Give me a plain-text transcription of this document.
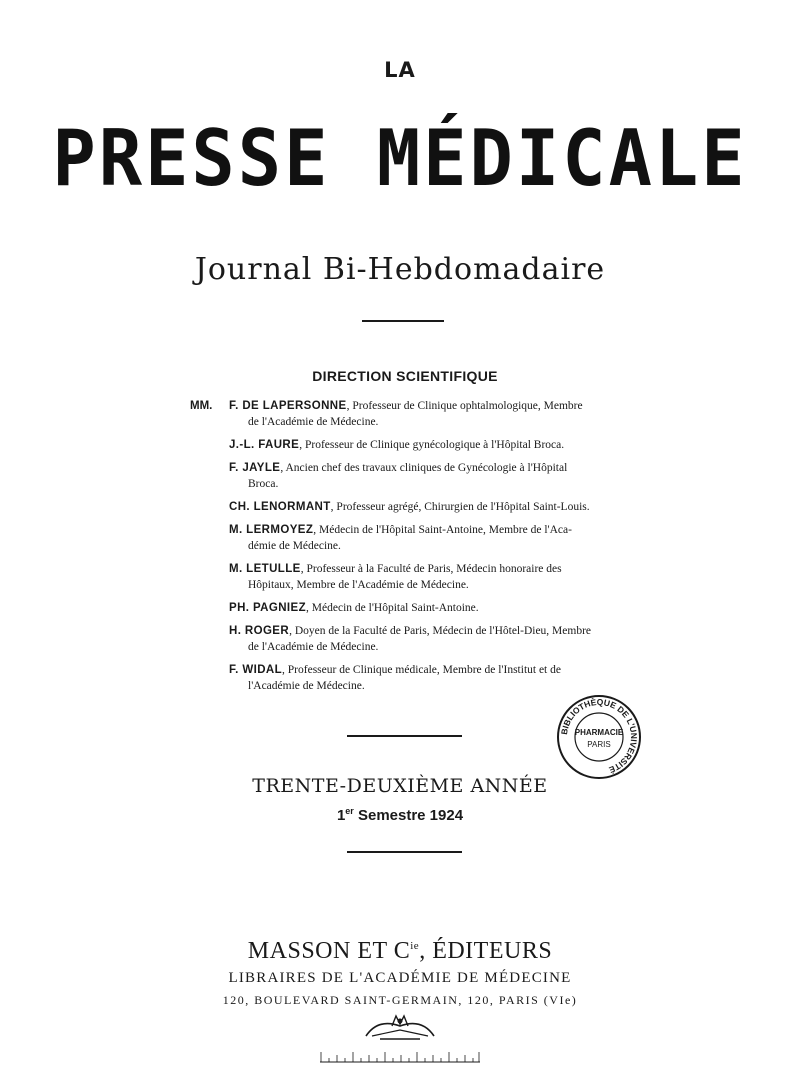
LA
PRESSE MÉDICALE
Journal Bi-Hebdomadaire
DIRECTION SCIENTIFIQUE
MM. F. DE LAPERSONNE, Professeur de Clinique ophtalmologique, Membre
de l'Académie de Médecine.
J.-L. FAURE, Professeur de Clinique gynécologique à l'Hôpital Broca.
F. JAYLE, Ancien chef des travaux cliniques de Gynécologie à l'Hôpital
Broca.
CH. LENORMANT, Professeur agrégé, Chirurgien de l'Hôpital Saint-Louis.
M. LERMOYEZ, Médecin de l'Hôpital Saint-Antoine, Membre de l'Aca-
démie de Médecine.
M. LETULLE, Professeur à la Faculté de Paris, Médecin honoraire des
Hôpitaux, Membre de l'Académie de Médecine.
PH. PAGNIEZ, Médecin de l'Hôpital Saint-Antoine.
H. ROGER, Doyen de la Faculté de Paris, Médecin de l'Hôtel-Dieu, Membre
de l'Académie de Médecine.
F. WIDAL, Professeur de Clinique médicale, Membre de l'Institut et de
l'Académie de Médecine.
BIBLIOTHÈQUE DE L'UNIVERSITÉ
PHARMACIE
PARIS
TRENTE-DEUXIÈME ANNÉE
1er Semestre 1924
MASSON ET $C^{ie}$, ÉDITEURS
LIBRAIRES DE L'ACADÉMIE DE MÉDECINE
120, BOULEVARD SAINT-GERMAIN, 120, PARIS (VIe)
